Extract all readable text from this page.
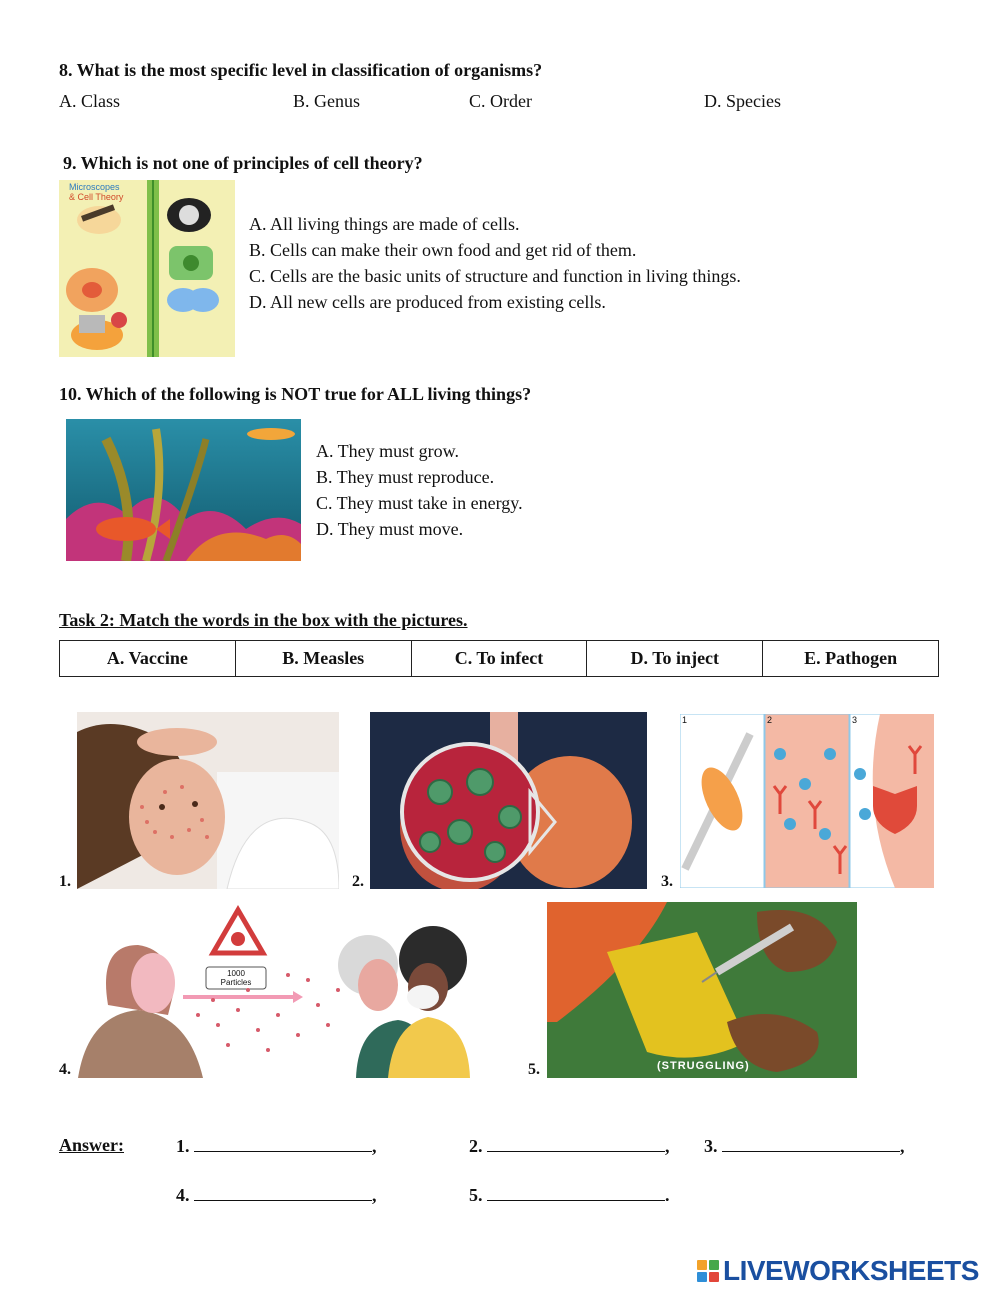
8. What is the most specific level in classification of organisms?
A. Class	B. Genus	C. Order	D. Species
9. Which is not one of principles of cell theory?
Microscopes
& Cell Theory
A. All living things are made of cells.
B. Cells can make their own food and get rid of them.
C. Cells are the basic units of structure and function in living things.
D. All new cells are produced from existing cells.
10. Which of the following is NOT true for ALL living things?
A. They must grow.
B. They must reproduce.
C. They must take in energy.
D. They must move.
Task 2: Match the words in the box with the pictures.
A. Vaccine	B. Measles	C. To infect	D. To inject	E. Pathogen
1.	2.	3.
1	2	3
4.
1000
Particles
5.	(STRUGGLING)
Answer:	1.	,	2.	, 3.	,
4.	,	5.	.
LIVEWORKSHEETS
